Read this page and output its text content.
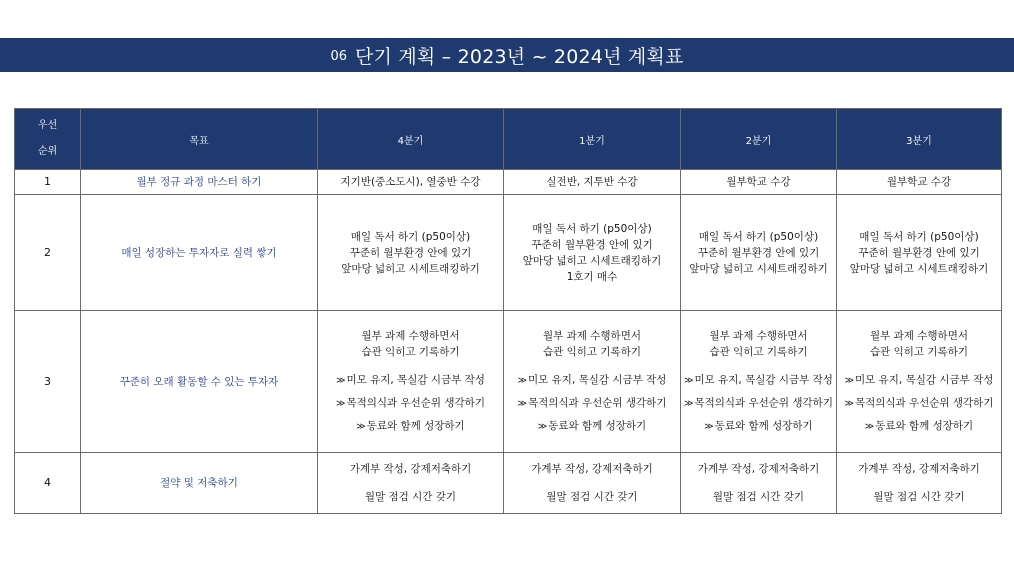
06 단기 계획 – 2023년 ~ 2024년 계획표
우선
순위	목표	4분기	1분기	2분기	3분기
1	월부 정규 과정 마스터 하기	지기반(중소도시), 열중반 수강	실전반, 지투반 수강	월부학교 수강	월부학교 수강
2	매일 성장하는 투자자로 실력 쌓기	매일 독서 하기 (p50이상)
꾸준히 월부환경 안에 있기
앞마당 넓히고 시세트래킹하기	매일 독서 하기 (p50이상)
꾸준히 월부환경 안에 있기
앞마당 넓히고 시세트래킹하기
1호기 매수	매일 독서 하기 (p50이상)
꾸준히 월부환경 안에 있기
앞마당 넓히고 시세트래킹하기	매일 독서 하기 (p50이상)
꾸준히 월부환경 안에 있기
앞마당 넓히고 시세트래킹하기

3	꾸준히 오래 활동할 수 있는 투자자	월부 과제 수행하면서
습관 익히고 기록하기
≫미모 유지, 목실감 시금부 작성
≫목적의식과 우선순위 생각하기
≫동료와 함께 성장하기	월부 과제 수행하면서
습관 익히고 기록하기
≫미모 유지, 목실감 시금부 작성
≫목적의식과 우선순위 생각하기
≫동료와 함께 성장하기	월부 과제 수행하면서
습관 익히고 기록하기
≫미모 유지, 목실감 시금부 작성
≫목적의식과 우선순위 생각하기
≫동료와 함께 성장하기	월부 과제 수행하면서
습관 익히고 기록하기
≫미모 유지, 목실감 시금부 작성
≫목적의식과 우선순위 생각하기
≫동료와 함께 성장하기

4	절약 및 저축하기	가계부 작성, 강제저축하기
월말 점검 시간 갖기	가계부 작성, 강제저축하기
월말 점검 시간 갖기	가계부 작성, 강제저축하기
월말 점검 시간 갖기	가계부 작성, 강제저축하기
월말 점검 시간 갖기
